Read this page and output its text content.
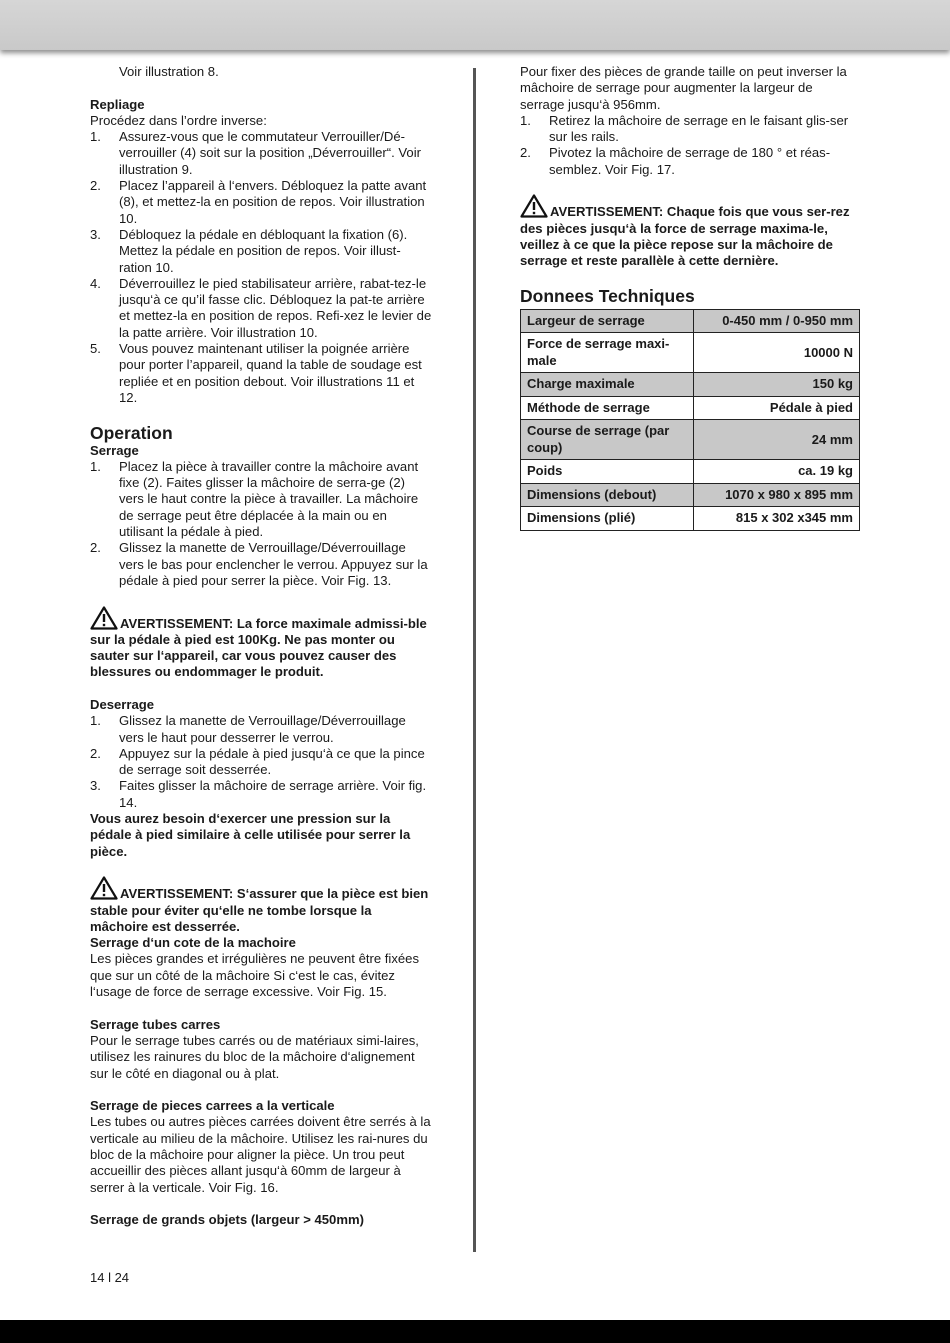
Voir illustration 8.

Repliage

Procédez dans l’ordre inverse:

1. Assurez-vous que le commutateur Verrouiller/Dé-verrouiller (4) soit sur la position „Déverrouiller“. Voir illustration 9.
2. Placez l’appareil à l‘envers. Débloquez la patte avant (8), et mettez-la en position de repos. Voir illustration 10.
3. Débloquez la pédale en débloquant la fixation (6). Mettez la pédale en position de repos. Voir illust-ration 10.
4. Déverrouillez le pied stabilisateur arrière, rabat-tez-le jusqu‘à ce qu’il fasse clic. Débloquez la pat-te arrière et mettez-la en position de repos. Refi-xez le levier de la patte arrière. Voir illustration 10.
5. Vous pouvez maintenant utiliser la poignée arrière pour porter l’appareil, quand la table de soudage est repliée et en position debout. Voir illustrations 11 et 12.

Operation

Serrage

1. Placez la pièce à travailler contre la mâchoire avant fixe (2). Faites glisser la mâchoire de serra-ge (2) vers le haut contre la pièce à travailler. La mâchoire de serrage peut être déplacée à la main ou en utilisant la pédale à pied.
2. Glissez la manette de Verrouillage/Déverrouillage vers le bas pour enclencher le verrou. Appuyez sur la pédale à pied pour serrer la pièce. Voir Fig. 13.

AVERTISSEMENT: La force maximale admissi-ble sur la pédale à pied est 100Kg. Ne pas monter ou sauter sur l‘appareil, car vous pouvez causer des blessures ou endommager le produit.

Deserrage

1. Glissez la manette de Verrouillage/Déverrouillage vers le haut pour desserrer le verrou.
2. Appuyez sur la pédale à pied jusqu‘à ce que la pince de serrage soit desserrée.
3. Faites glisser la mâchoire de serrage arrière. Voir fig. 14.

Vous aurez besoin d‘exercer une pression sur la pédale à pied similaire à celle utilisée pour serrer la pièce.

AVERTISSEMENT: S‘assurer que la pièce est bien stable pour éviter qu‘elle ne tombe lorsque la mâchoire est desserrée.

Serrage d‘un cote de la machoire

Les pièces grandes et irrégulières ne peuvent être fixées que sur un côté de la mâchoire Si c‘est le cas, évitez l‘usage de force de serrage excessive. Voir Fig. 15.

Serrage tubes carres

Pour le serrage tubes carrés ou de matériaux simi-laires, utilisez les rainures du bloc de la mâchoire d‘alignement sur le côté en diagonal ou à plat.

Serrage de pieces carrees a la verticale

Les tubes ou autres pièces carrées doivent être serrés à la verticale au milieu de la mâchoire. Utilisez les rai-nures du bloc de la mâchoire pour aligner la pièce. Un trou peut accueillir des pièces allant jusqu‘à 60mm de largeur à serrer à la verticale. Voir Fig. 16.

Serrage de grands objets (largeur > 450mm)

Pour fixer des pièces de grande taille on peut inverser la mâchoire de serrage pour augmenter la largeur de serrage jusqu‘à 956mm.

1. Retirez la mâchoire de serrage en le faisant glis-ser sur les rails.
2. Pivotez la mâchoire de serrage de 180 ° et réas-semblez. Voir Fig. 17.

AVERTISSEMENT: Chaque fois que vous ser-rez des pièces jusqu‘à la force de serrage maxima-le, veillez à ce que la pièce repose sur la mâchoire de serrage et reste parallèle à cette dernière.

Donnees Techniques

Largeur de serrage	0-450 mm / 0-950 mm
Force de serrage maxi-male	10000 N
Charge maximale	150 kg
Méthode de serrage	Pédale à pied
Course de serrage (par coup)	24 mm
Poids	ca. 19 kg
Dimensions (debout)	1070 x 980 x 895 mm
Dimensions (plié)	815 x 302 x345 mm
14 l 24
